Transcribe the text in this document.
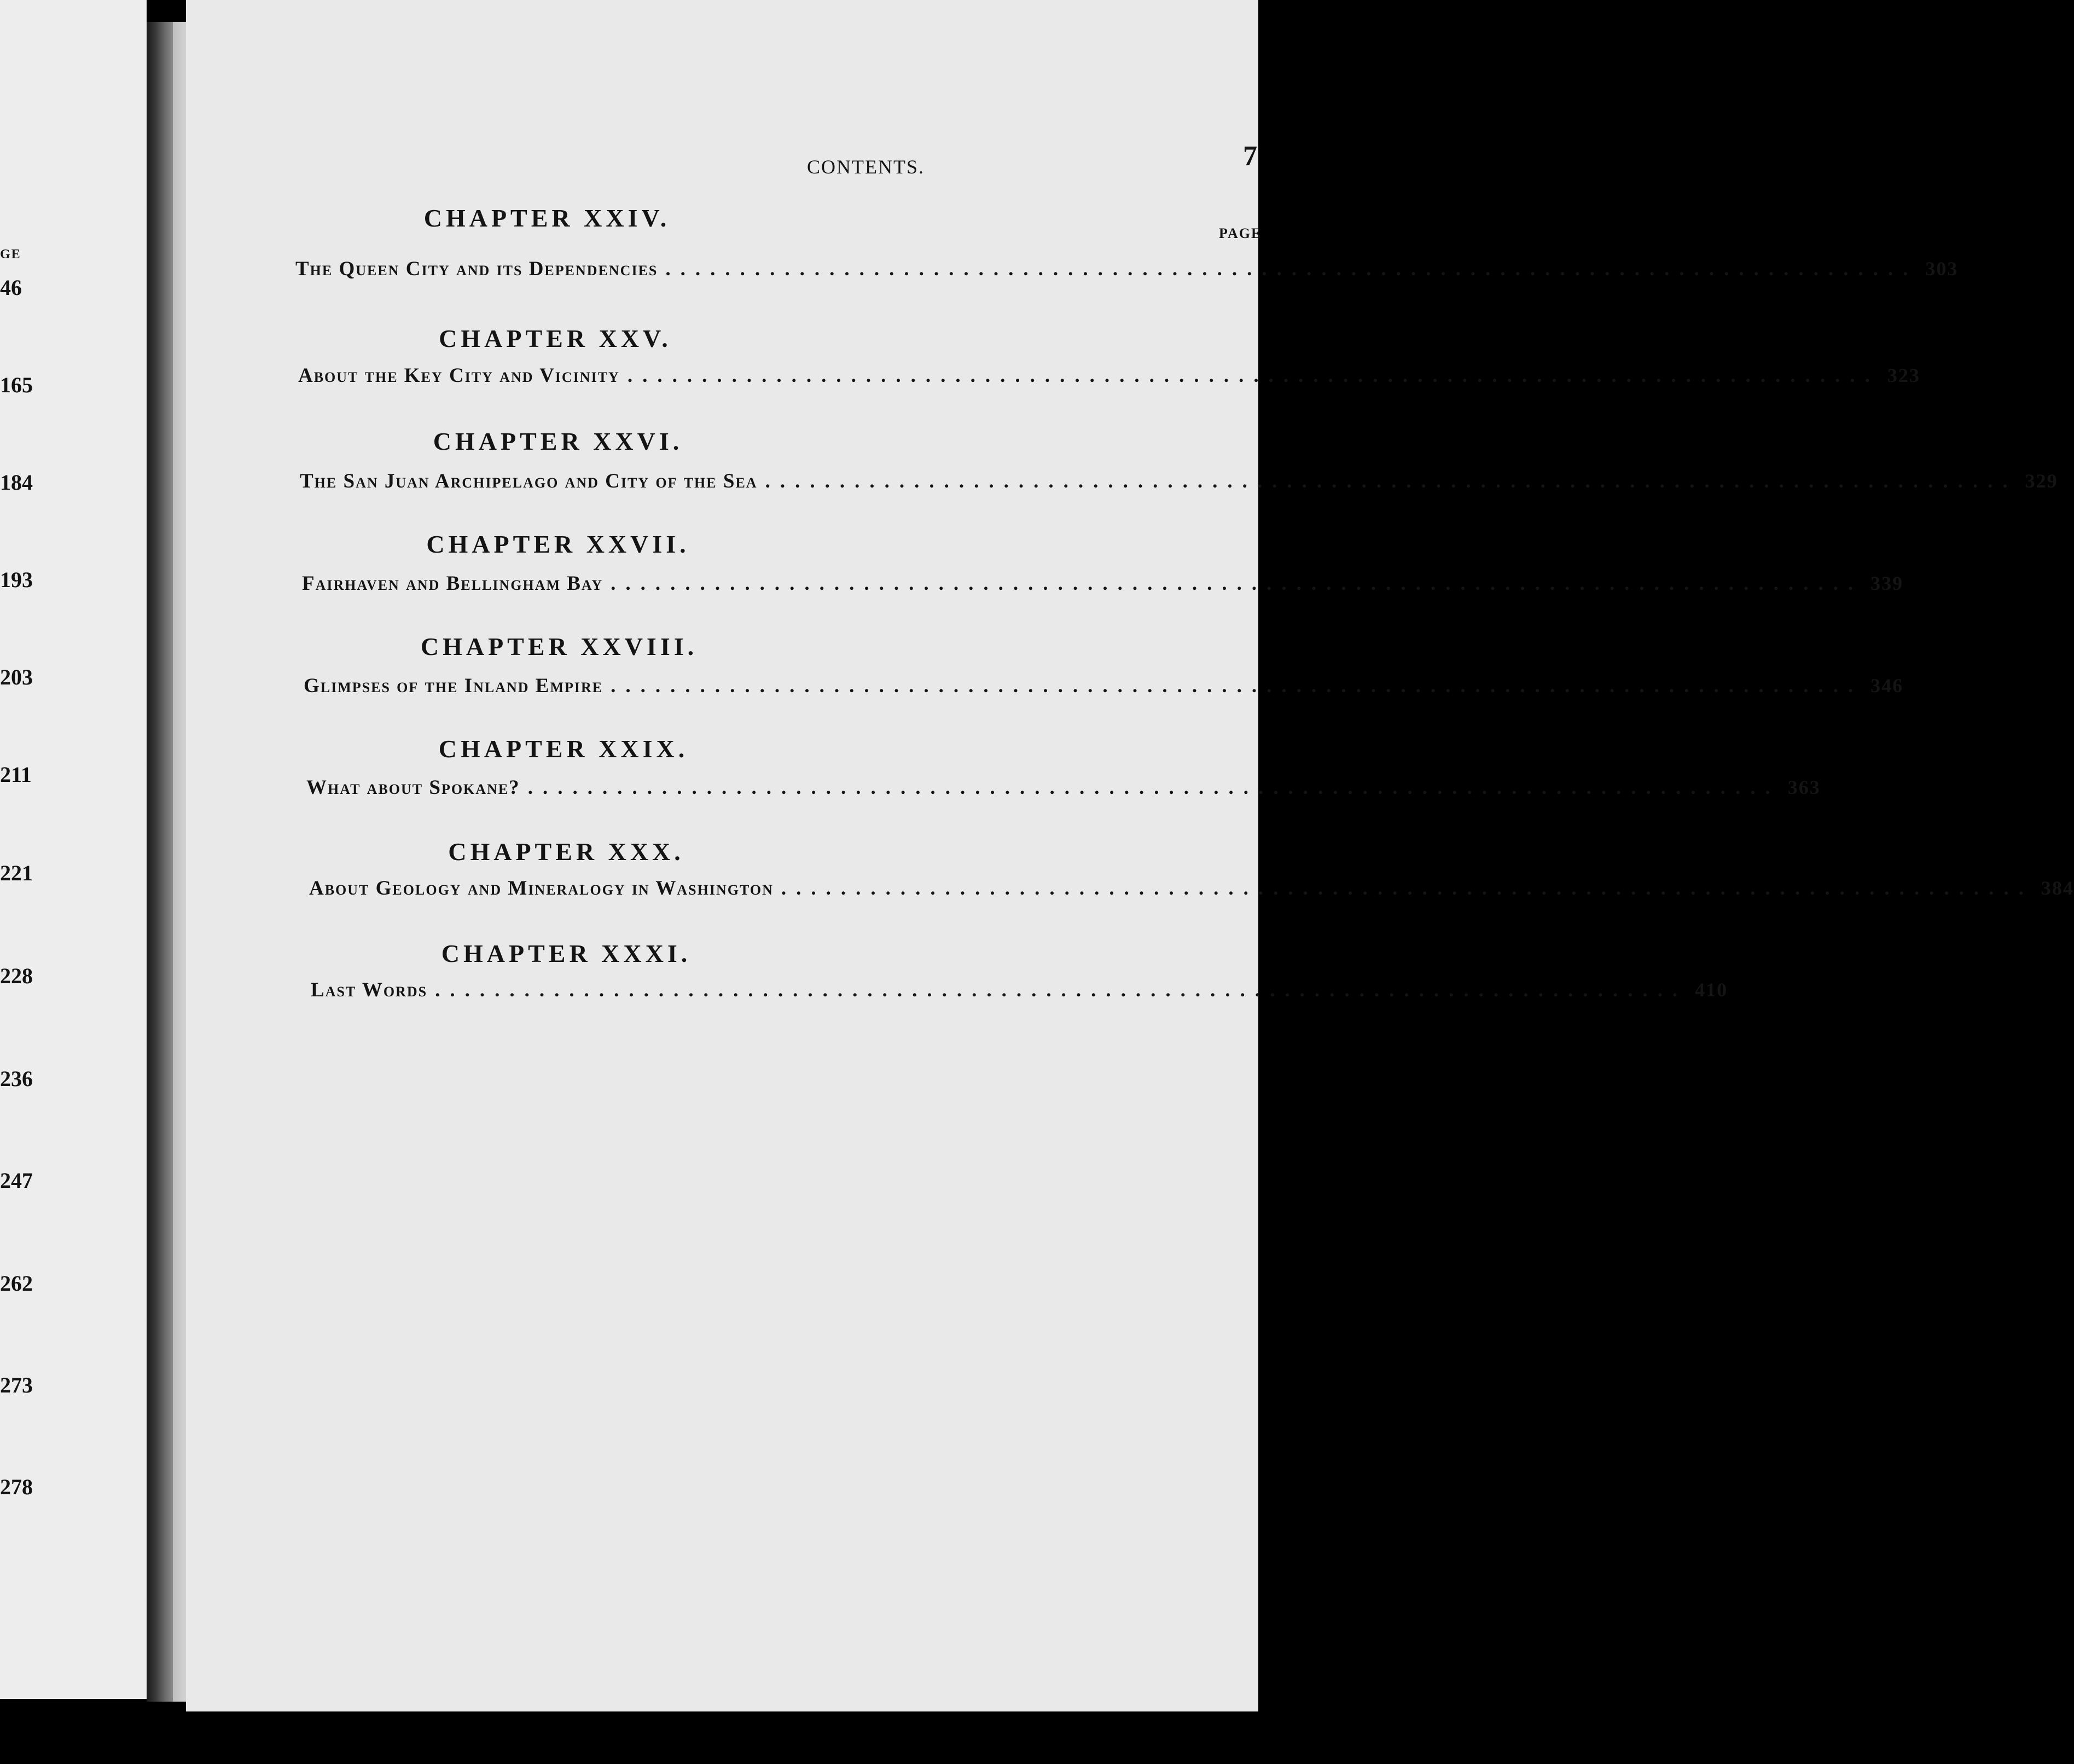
GE
46
165
184
193
203
211
221
228
236
247
262
273
278
CONTENTS.	7
PAGE
CHAPTER XXIV.
The Queen City and its Dependencies .................................................................................... 303
CHAPTER XXV.
About the Key City and Vicinity .................................................................................... 323
CHAPTER XXVI.
The San Juan Archipelago and City of the Sea .................................................................................... 329
CHAPTER XXVII.
Fairhaven and Bellingham Bay .................................................................................... 339
CHAPTER XXVIII.
Glimpses of the Inland Empire .................................................................................... 346
CHAPTER XXIX.
What about Spokane? .................................................................................... 363
CHAPTER XXX.
About Geology and Mineralogy in Washington .................................................................................... 384
CHAPTER XXXI.
Last Words .................................................................................... 410
